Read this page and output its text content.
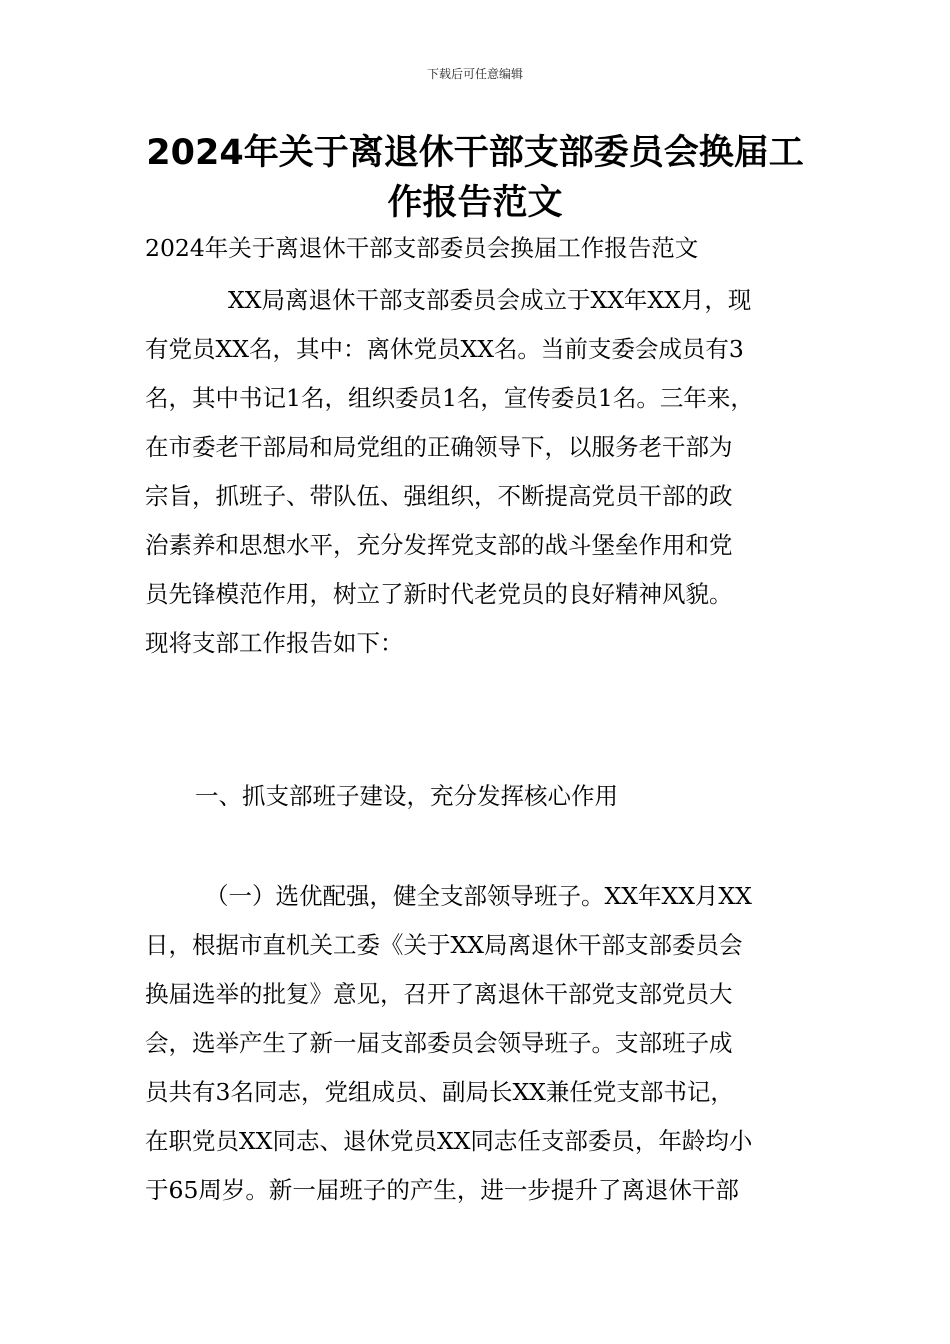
下载后可任意编辑
2024年关于离退休干部支部委员会换届工
作报告范文
2024年关于离退休干部支部委员会换届工作报告范文
XX局离退休干部支部委员会成立于XX年XX月，现
有党员XX名，其中：离休党员XX名。当前支委会成员有3
名，其中书记1名，组织委员1名，宣传委员1名。三年来，
在市委老干部局和局党组的正确领导下，以服务老干部为
宗旨，抓班子、带队伍、强组织，不断提高党员干部的政
治素养和思想水平，充分发挥党支部的战斗堡垒作用和党
员先锋模范作用，树立了新时代老党员的良好精神风貌。
现将支部工作报告如下：
一、抓支部班子建设，充分发挥核心作用
（一）选优配强，健全支部领导班子。XX年XX月XX
日，根据市直机关工委《关于XX局离退休干部支部委员会
换届选举的批复》意见，召开了离退休干部党支部党员大
会，选举产生了新一届支部委员会领导班子。支部班子成
员共有3名同志，党组成员、副局长XX兼任党支部书记，
在职党员XX同志、退休党员XX同志任支部委员，年龄均小
于65周岁。新一届班子的产生，进一步提升了离退休干部
